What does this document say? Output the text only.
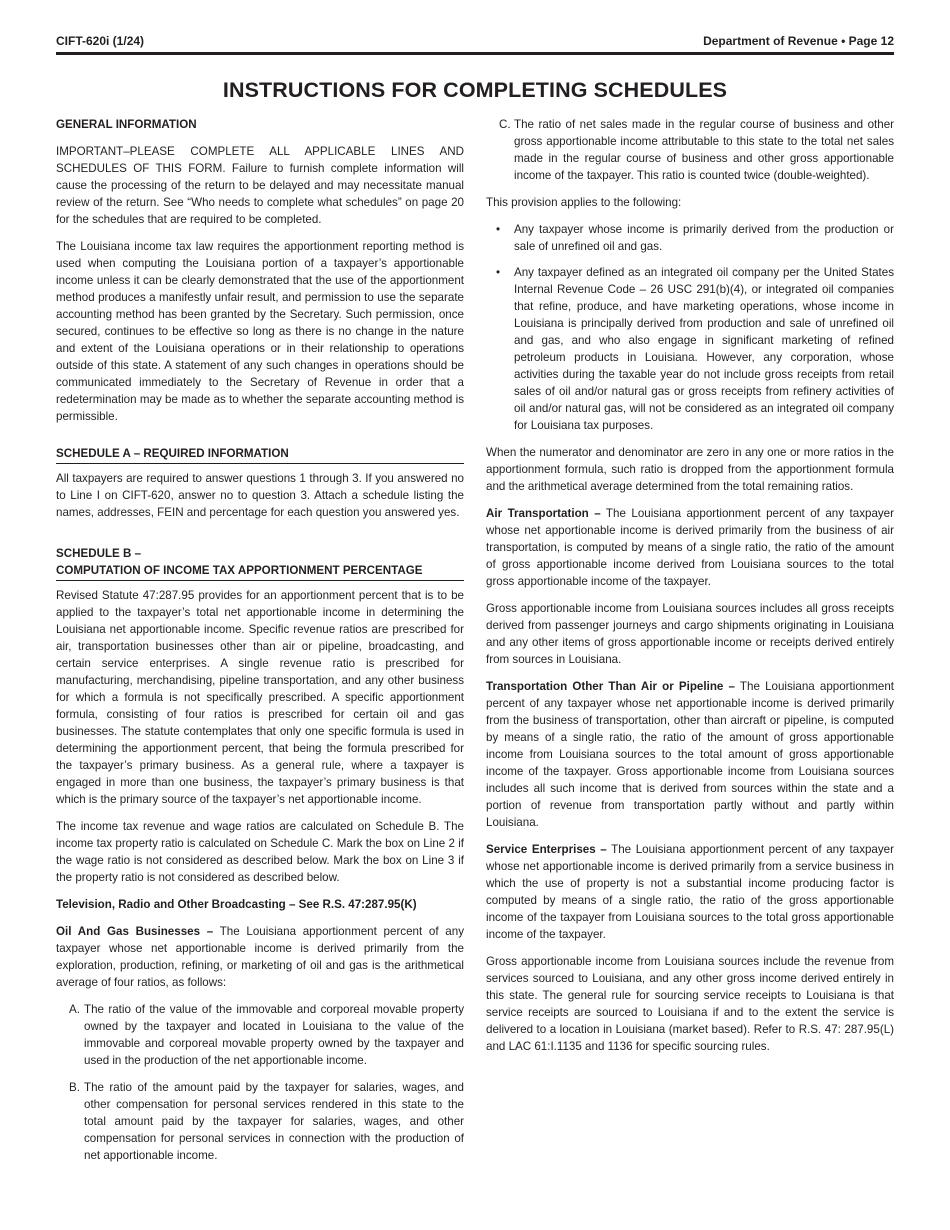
CIFT-620i (1/24)	Department of Revenue • Page 12
INSTRUCTIONS FOR COMPLETING SCHEDULES
GENERAL INFORMATION

IMPORTANT–PLEASE COMPLETE ALL APPLICABLE LINES AND SCHEDULES OF THIS FORM. Failure to furnish complete information will cause the processing of the return to be delayed and may necessitate manual review of the return. See “Who needs to complete what schedules” on page 20 for the schedules that are required to be completed.

The Louisiana income tax law requires the apportionment reporting method is used when computing the Louisiana portion of a taxpayer’s apportionable income unless it can be clearly demonstrated that the use of the apportionment method produces a manifestly unfair result, and permission to use the separate accounting method has been granted by the Secretary. Such permission, once secured, continues to be effective so long as there is no change in the nature and extent of the Louisiana operations or in their relationship to operations outside of this state. A statement of any such changes in operations should be communicated immediately to the Secretary of Revenue in order that a redetermination may be made as to whether the separate accounting method is permissible.

SCHEDULE A – REQUIRED INFORMATION

All taxpayers are required to answer questions 1 through 3. If you answered no to Line I on CIFT-620, answer no to question 3. Attach a schedule listing the names, addresses, FEIN and percentage for each question you answered yes.

SCHEDULE B –
COMPUTATION OF INCOME TAX APPORTIONMENT PERCENTAGE

Revised Statute 47:287.95 provides for an apportionment percent that is to be applied to the taxpayer’s total net apportionable income in determining the Louisiana net apportionable income. Specific revenue ratios are prescribed for air, transportation businesses other than air or pipeline, broadcasting, and certain service enterprises. A single revenue ratio is prescribed for manufacturing, merchandising, pipeline transportation, and any other business for which a formula is not specifically prescribed. A specific apportionment formula, consisting of four ratios is prescribed for certain oil and gas businesses. The statute contemplates that only one specific formula is used in determining the apportionment percent, that being the formula prescribed for the taxpayer’s primary business. As a general rule, where a taxpayer is engaged in more than one business, the taxpayer’s primary business is that which is the primary source of the taxpayer’s net apportionable income.

The income tax revenue and wage ratios are calculated on Schedule B. The income tax property ratio is calculated on Schedule C. Mark the box on Line 2 if the wage ratio is not considered as described below. Mark the box on Line 3 if the property ratio is not considered as described below.

Television, Radio and Other Broadcasting – See R.S. 47:287.95(K)

Oil And Gas Businesses – The Louisiana apportionment percent of any taxpayer whose net apportionable income is derived primarily from the exploration, production, refining, or marketing of oil and gas is the arithmetical average of four ratios, as follows:

A. The ratio of the value of the immovable and corporeal movable property owned by the taxpayer and located in Louisiana to the value of the immovable and corporeal movable property owned by the taxpayer and used in the production of the net apportionable income.
B. The ratio of the amount paid by the taxpayer for salaries, wages, and other compensation for personal services rendered in this state to the total amount paid by the taxpayer for salaries, wages, and other compensation for personal services in connection with the production of net apportionable income.
C. The ratio of net sales made in the regular course of business and other gross apportionable income attributable to this state to the total net sales made in the regular course of business and other gross apportionable income of the taxpayer. This ratio is counted twice (double-weighted).

This provision applies to the following:

• Any taxpayer whose income is primarily derived from the production or sale of unrefined oil and gas.
• Any taxpayer defined as an integrated oil company per the United States Internal Revenue Code – 26 USC 291(b)(4), or integrated oil companies that refine, produce, and have marketing operations, whose income in Louisiana is principally derived from production and sale of unrefined oil and gas, and who also engage in significant marketing of refined petroleum products in Louisiana. However, any corporation, whose activities during the taxable year do not include gross receipts from retail sales of oil and/or natural gas or gross receipts from refinery activities of oil and/or natural gas, will not be considered as an integrated oil company for Louisiana tax purposes.

When the numerator and denominator are zero in any one or more ratios in the apportionment formula, such ratio is dropped from the apportionment formula and the arithmetical average determined from the total remaining ratios.

Air Transportation – The Louisiana apportionment percent of any taxpayer whose net apportionable income is derived primarily from the business of air transportation, is computed by means of a single ratio, the ratio of the amount of gross apportionable income derived from Louisiana sources to the total gross apportionable income of the taxpayer.

Gross apportionable income from Louisiana sources includes all gross receipts derived from passenger journeys and cargo shipments originating in Louisiana and any other items of gross apportionable income or receipts derived entirely from sources in Louisiana.

Transportation Other Than Air or Pipeline – The Louisiana apportionment percent of any taxpayer whose net apportionable income is derived primarily from the business of transportation, other than aircraft or pipeline, is computed by means of a single ratio, the ratio of the amount of gross apportionable income from Louisiana sources to the total amount of gross apportionable income of the taxpayer. Gross apportionable income from Louisiana sources includes all such income that is derived from sources within the state and a portion of revenue from transportation partly without and partly within Louisiana.

Service Enterprises – The Louisiana apportionment percent of any taxpayer whose net apportionable income is derived primarily from a service business in which the use of property is not a substantial income producing factor is computed by means of a single ratio, the ratio of the gross apportionable income of the taxpayer from Louisiana sources to the total gross apportionable income of the taxpayer.

Gross apportionable income from Louisiana sources include the revenue from services sourced to Louisiana, and any other gross income derived entirely in this state. The general rule for sourcing service receipts to Louisiana is that service receipts are sourced to Louisiana if and to the extent the service is delivered to a location in Louisiana (market based). Refer to R.S. 47: 287.95(L) and LAC 61:I.1135 and 1136 for specific sourcing rules.
